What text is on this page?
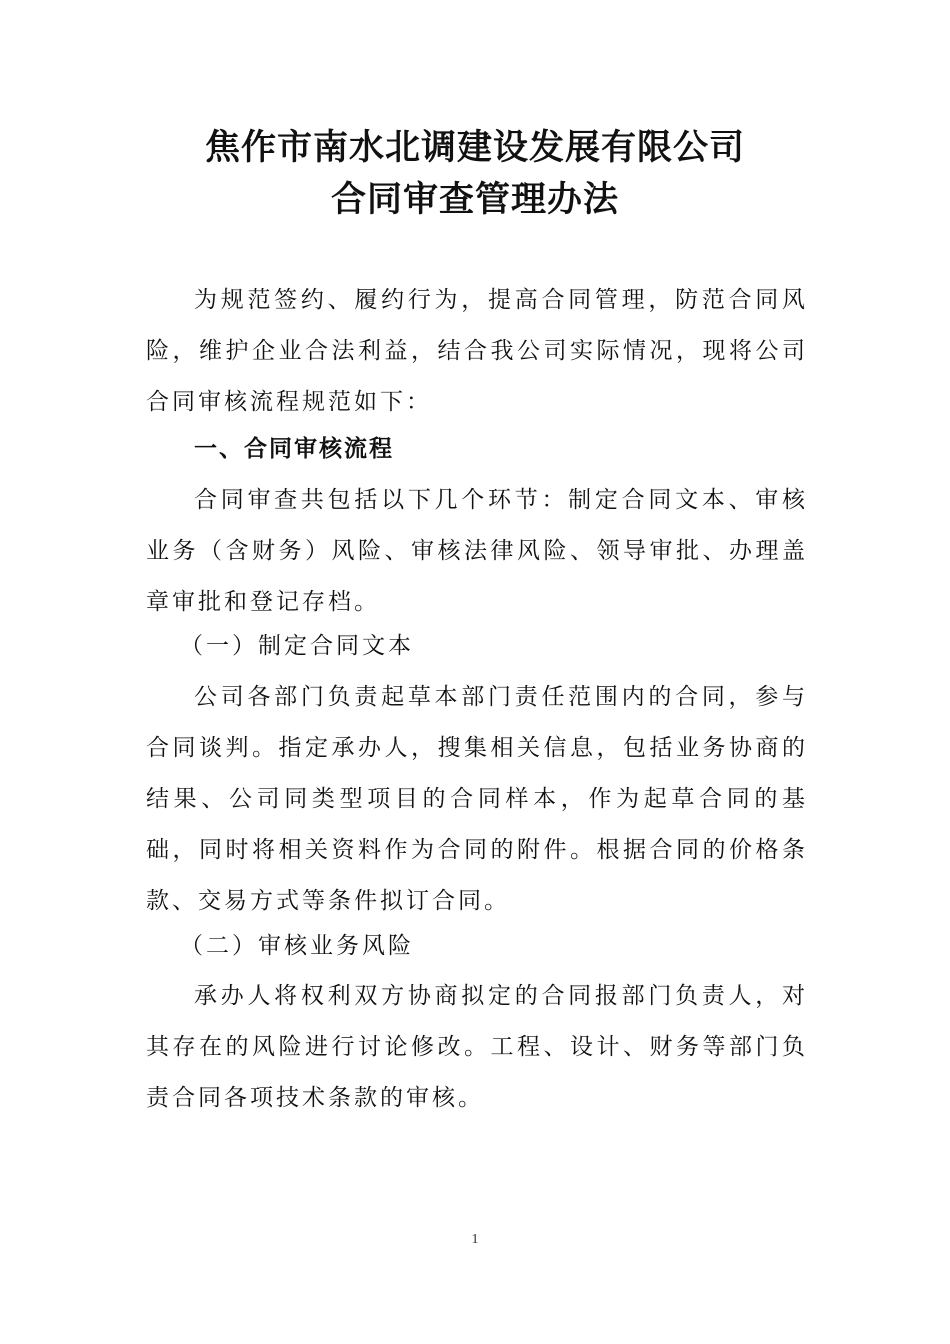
焦作市南水北调建设发展有限公司
合同审查管理办法

为规范签约、履约行为，提高合同管理，防范合同风险，维护企业合法利益，结合我公司实际情况，现将公司合同审核流程规范如下：

一、合同审核流程

合同审查共包括以下几个环节：制定合同文本、审核业务（含财务）风险、审核法律风险、领导审批、办理盖章审批和登记存档。

（一）制定合同文本

公司各部门负责起草本部门责任范围内的合同，参与合同谈判。指定承办人，搜集相关信息，包括业务协商的结果、公司同类型项目的合同样本，作为起草合同的基础，同时将相关资料作为合同的附件。根据合同的价格条款、交易方式等条件拟订合同。

（二）审核业务风险

承办人将权利双方协商拟定的合同报部门负责人，对其存在的风险进行讨论修改。工程、设计、财务等部门负责合同各项技术条款的审核。

1
